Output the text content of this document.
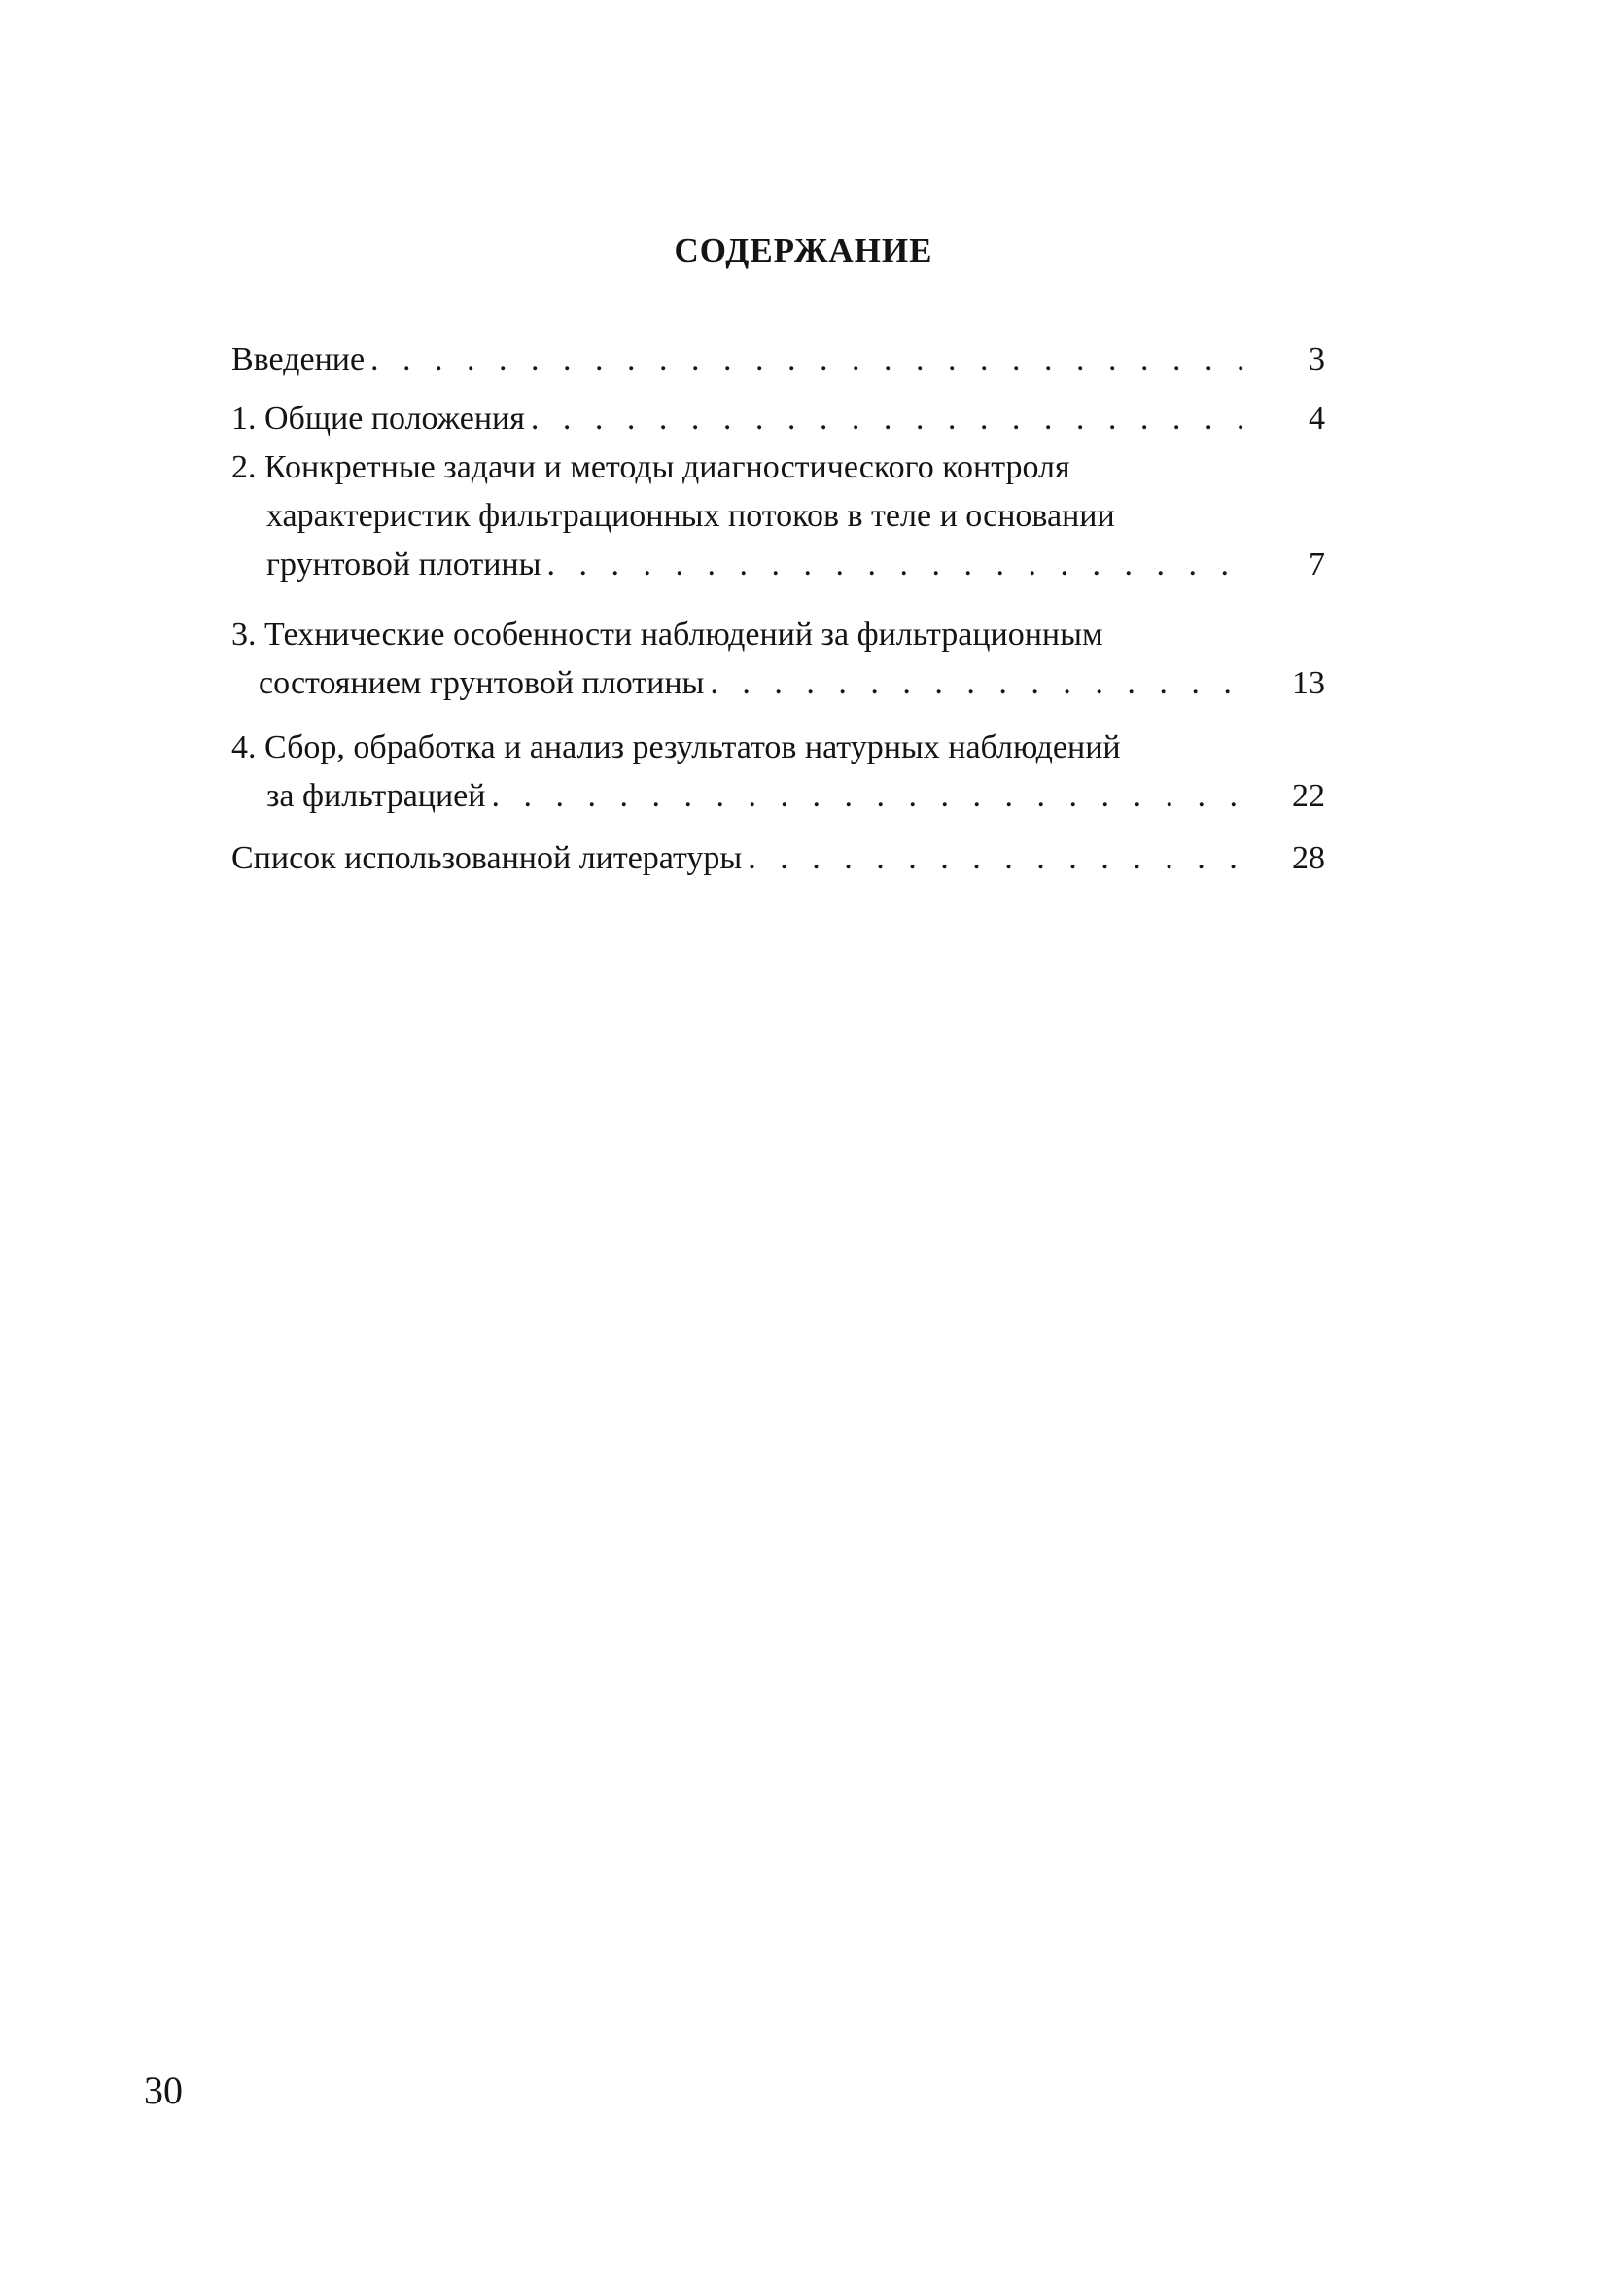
СОДЕРЖАНИЕ
Введение . . .	3
1. Общие положения . . .	4
2. Конкретные задачи и методы диагностического контроля
характеристик фильтрационных потоков в теле и основании
грунтовой плотины . . .	7
3. Технические особенности наблюдений за фильтрационным
состоянием грунтовой плотины . . .	13
4. Сбор, обработка и анализ результатов натурных наблюдений
за фильтрацией . . .	22
Список использованной литературы . . .	28

30
